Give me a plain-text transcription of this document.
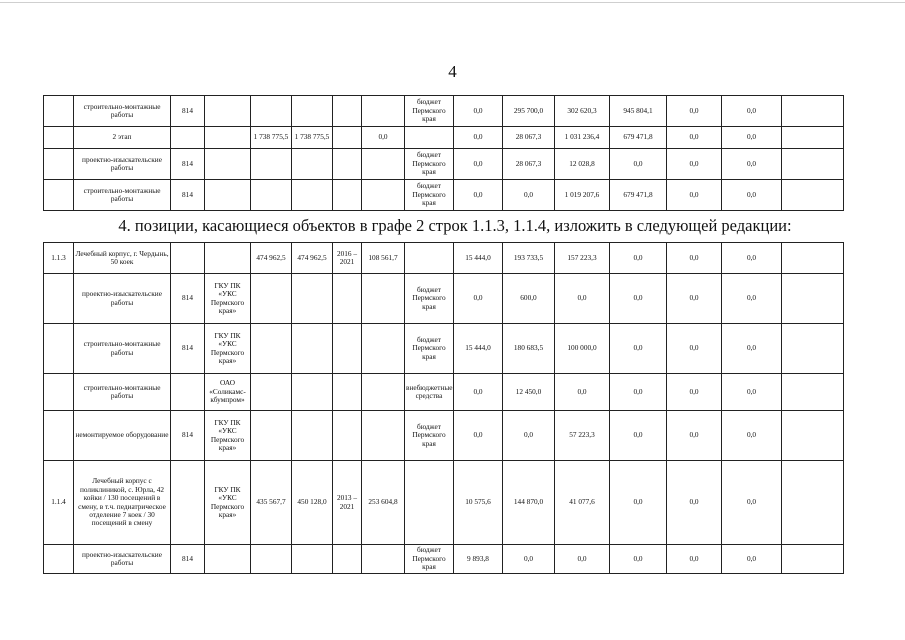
4
	строительно-монтажные работы	814						бюджет Пермского края	0,0	295 700,0	302 620,3	945 804,1	0,0	0,0	
	2 этап			1 738 775,5	1 738 775,5		0,0		0,0	28 067,3	1 031 236,4	679 471,8	0,0	0,0	
	проектно-изыскательские работы	814						бюджет Пермского края	0,0	28 067,3	12 028,8	0,0	0,0	0,0	
	строительно-монтажные работы	814						бюджет Пермского края	0,0	0,0	1 019 207,6	679 471,8	0,0	0,0	
4. позиции, касающиеся объектов в графе 2 строк 1.1.3, 1.1.4, изложить в следующей редакции:
1.1.3	Лечебный корпус, г. Чердынь, 50 коек			474 962,5	474 962,5	2016 – 2021	108 561,7		15 444,0	193 733,5	157 223,3	0,0	0,0	0,0	
	проектно-изыскательские работы	814	ГКУ ПК «УКС Пермского края»					бюджет Пермского края	0,0	600,0	0,0	0,0	0,0	0,0	
	строительно-монтажные работы	814	ГКУ ПК «УКС Пермского края»					бюджет Пермского края	15 444,0	180 683,5	100 000,0	0,0	0,0	0,0	
	строительно-монтажные работы		ОАО «Соликамс-кбумпром»					внебюджетные средства	0,0	12 450,0	0,0	0,0	0,0	0,0	
	немонтируемое оборудование	814	ГКУ ПК «УКС Пермского края»					бюджет Пермского края	0,0	0,0	57 223,3	0,0	0,0	0,0	
1.1.4	Лечебный корпус с поликлиникой, с. Юрла, 42 койки / 130 посещений в смену, в т.ч. педиатрическое отделение 7 коек / 30 посещений в смену		ГКУ ПК «УКС Пермского края»	435 567,7	450 128,0	2013 – 2021	253 604,8		10 575,6	144 870,0	41 077,6	0,0	0,0	0,0	
	проектно-изыскательские работы	814						бюджет Пермского края	9 893,8	0,0	0,0	0,0	0,0	0,0	
